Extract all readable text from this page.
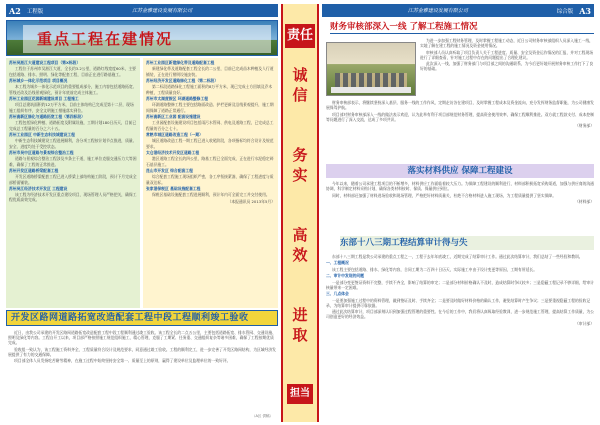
A2	工程版	江苏金雅建设发展有限公司	江苏金雅建设发展有限公司	综合版 A3
责任
诚
信
务
实
高
效
进
取
担当
重点工程在建情况

苏州吴淞江大道建设工程项目（第X标段）

工程位于苏州市吴淞江大道，全长约3.2公里，道路红线宽度60米，主要包括道路、排水、照明、绿化等配套工程，目前正在进行路基施工。

苏州城乡一体化示范项目 项目概况

本工程为城乡一体化示范项目的重要组成部分，施工内容包括道路拓宽、管线迁改及沿线景观绿化，预计年底前完成主体施工。

苏州工业园区花园新城建设项目 工程施工

项目总建筑面积约12万平方米，目前主体结构已完成至第十二层，现场施工组织有序，安全文明施工措施落实到位。

苏州高新区绿化与道路拓宽工程（第四标段）

工程包括绿化种植、道路拓宽及附属设施，工期计划180日历天，目前已完成总工程量的百分之六十五。

苏州工业园区 中新生态科技城建设工程

中新生态科技城建设工程进展顺利，各分项工程按计划节点推进，质量、安全、进度均处于受控状态。

苏州市吴中区道路与景观综合整治工程

道路与景观综合整治工程涉及多条主干道，施工单位克服交通压力大等困难，确保了工程的正常推进。

苏州开发区道路桥梁配套工程

开发区道路桥梁配套工程已进入桥梁上部结构施工阶段，预计下月完成全部桥面铺装。

苏州吴江经济技术开发区 工程建设

该工程为经济技术开发区重点建设项目，现场管理人员严格把关，确保工程优质高效完成。

苏州工业园区新建绿化带及道路配套工程

新建绿化带及道路配套工程全长约二公里，目前已完成苗木种植及人行道铺装，正在进行照明设施安装。

苏州经济开发区道路绿化工程（第二标段）

第二标段道路绿化工程施工面积约8万平方米，现已完成土方回填及乔木种植，工程质量良好。

苏州市太湖度假区 环湖道路整修工程

环湖道路整修工程主要包括路面改造、护栏更新及沿线景观提升，施工期间保障了道路正常通行。

苏州高新区工业园 配套设施建设

工业园配套设施建设项目包括雨污水管网、供电及道路工程，已完成总工程量的百分之七十。

常熟市城区道路改造工程（一期）

城区道路改造工程一期工程已进入收尾阶段，各项指标均符合设计及规范要求。

太仓港经济技术开发区道路工程

港区道路工程全长约四公里，路基工程已全面完成，正在进行水泥稳定碎石基层施工。

昆山市开发区 综合配套工程

综合配套工程施工现场组织严密，各工序衔接紧凑，确保了工程进度与质量双达标。

张家港保税区 基础设施配套工程

保税区基础设施配套工程进展顺利，预计年内可全面完工并交付使用。

（本报通讯员 2013年5月）

开发区路网道路拓宽改造配套工程中段工程顺利竣工验收

近日，由我公司承建的开发区路网道路拓宽改造配套工程中段工程顺利通过竣工验收。该工程全长约二点五公里，主要包括道路拓宽、排水管网、交通设施、照明及绿化等内容。工程自开工以来，项目部严格按照施工规范组织施工，精心管理，克服了工期紧、任务重、交通组织复杂等诸多困难，确保了工程按期优质完成。

验收组一致认为，该工程施工资料齐全，工程质量符合设计及规范要求，同意通过竣工验收。工程的顺利完工，进一步完善了开发区路网结构，为区域经济发展提供了有力的交通保障。

项目部全体人员发扬吃苦耐劳精神，在施工过程中始终坚持安全第一、质量至上的原则，赢得了建设单位及监理单位的一致好评。

（A区 供稿）
财务审核部深入一线 了解工程施工情况

为进一步加强工程财务管理，及时掌握工程施工动态，近日公司财务审核部组织人员深入施工一线，实地了解在建工程的施工情况及资金使用情况。

审核部人员认真听取了项目负责人关于工程进度、质量、安全及资金运作情况的汇报，并对工程现场进行了详细查看，针对施工过程中存在的问题提出了合理化建议。

此次深入一线，加强了财务部门与项目部之间的沟通联系，为今后更好地开展财务审核工作打下了良好的基础。

财务审核部表示，将继续坚持深入基层、服务一线的工作作风，定期走访各在建项目，及时掌握工程成本及资金流向，充分发挥财务监督职能，为公司健康发展保驾护航。

项目部对财务审核部深入一线的做法表示欢迎，认为此举有利于项目部规范财务管理，提高资金使用效率，确保工程顺利推进。双方就工程款支付、成本控制等问题进行了深入交流，达成了多项共识。

（财务部）

落实材料供应 保障工程建设

今年以来，随着公司承建工程项目的不断增多，材料供应工作面临着较大压力。为保障工程建设的顺利进行，材料部积极拓宽采购渠道，加强与供应商的沟通协调，科学制定材料采购计划，确保各类材料按时、保质、保量供应到位。

同时，材料部还加强了材料进场验收和现场管理，严格把好材料质量关，杜绝不合格材料进入施工现场，为工程质量提供了坚实保障。

（材料部）

东部十八三期工程结算审计得与失

东部十八三期工程是我公司承建的重点工程之一，工程于去年年底竣工，近期完成了结算审计工作。通过此次结算审计，我们总结了一些经验和教训。

一、工程概况

该工程主要包括道路、排水、绿化等内容，合同工期为二百四十日历天，实际施工中由于设计变更等原因，工期有所延长。

二、审计中发现的问题

一是部分变更签证资料不完整，手续不齐全，影响了结算的审定；二是部分材料价格确认不及时，造成结算时争议较多；三是隐蔽工程记录不够详细，给审计核量带来一定困难。

三、几点体会

一是要加强施工过程中的资料管理，做到签证及时、手续齐全；二是要及时做好材料价格的确认工作，避免结算时产生争议；三是要重视隐蔽工程的验收记录，为结算审计提供可靠依据。

通过此次结算审计，项目部深刻认识到加强过程管理的重要性。在今后的工作中，我们将认真吸取经验教训，进一步规范施工管理，提高结算工作质量，为公司创造更好的经济效益。

（审计部）
